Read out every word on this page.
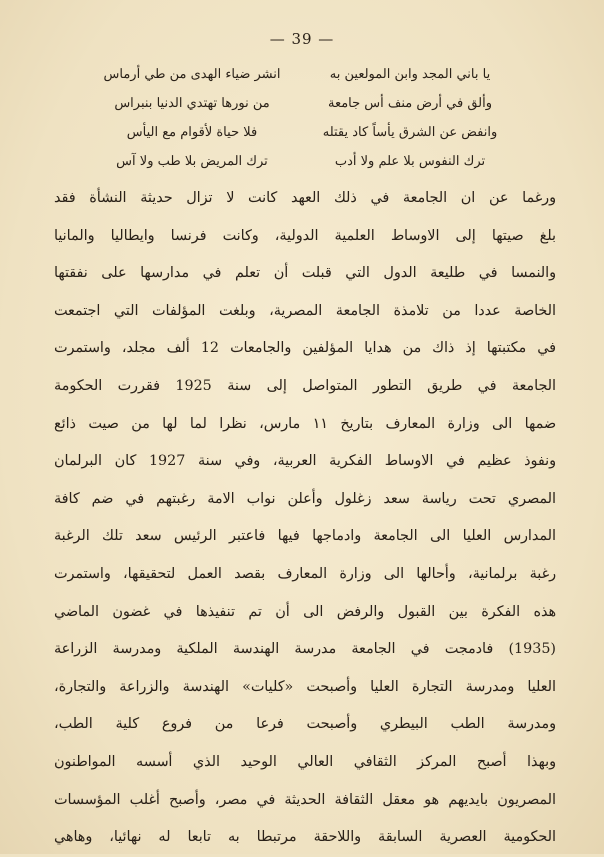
— 39 —
يا باني المجد وابن المولعين به
انشر ضياء الهدى من طي أرماس
وألق في أرض منف أس جامعة
من نورها تهتدي الدنيا بنبراس
وانفض عن الشرق يأساً كاد يقتله
فلا حياة لأقوام مع اليأس
ترك النفوس بلا علم ولا أدب
ترك المريض بلا طب ولا آس
ورغما عن ان الجامعة في ذلك العهد كانت لا تزال حديثة النشأة فقد
بلغ صيتها إلى الاوساط العلمية الدولية، وكانت فرنسا وايطاليا والمانيا
والنمسا في طليعة الدول التي قبلت أن تعلم في مدارسها على نفقتها
الخاصة عددا من تلامذة الجامعة المصرية، وبلغت المؤلفات التي اجتمعت
في مكتبتها إذ ذاك من هدايا المؤلفين والجامعات 12 ألف مجلد، واستمرت
الجامعة في طريق التطور المتواصل إلى سنة 1925 فقررت الحكومة
ضمها الى وزارة المعارف بتاريخ ١١ مارس، نظرا لما لها من صيت ذائع
ونفوذ عظيم في الاوساط الفكرية العربية، وفي سنة 1927 كان البرلمان
المصري تحت رياسة سعد زغلول وأعلن نواب الامة رغبتهم في ضم كافة
المدارس العليا الى الجامعة وادماجها فيها فاعتبر الرئيس سعد تلك الرغبة
رغبة برلمانية، وأحالها الى وزارة المعارف بقصد العمل لتحقيقها، واستمرت
هذه الفكرة بين القبول والرفض الى أن تم تنفيذها في غضون الماضي
(1935) فادمجت في الجامعة مدرسة الهندسة الملكية ومدرسة الزراعة
العليا ومدرسة التجارة العليا وأصبحت «كليات» الهندسة والزراعة والتجارة،
ومدرسة الطب البيطري وأصبحت فرعا من فروع كلية الطب،
وبهذا أصبح المركز الثقافي العالي الوحيد الذي أسسه المواطنون
المصريون بايديهم هو معقل الثقافة الحديثة في مصر، وأصبح أغلب المؤسسات
الحكومية العصرية السابقة واللاحقة مرتبطا به تابعا له نهائيا، وهاهي
